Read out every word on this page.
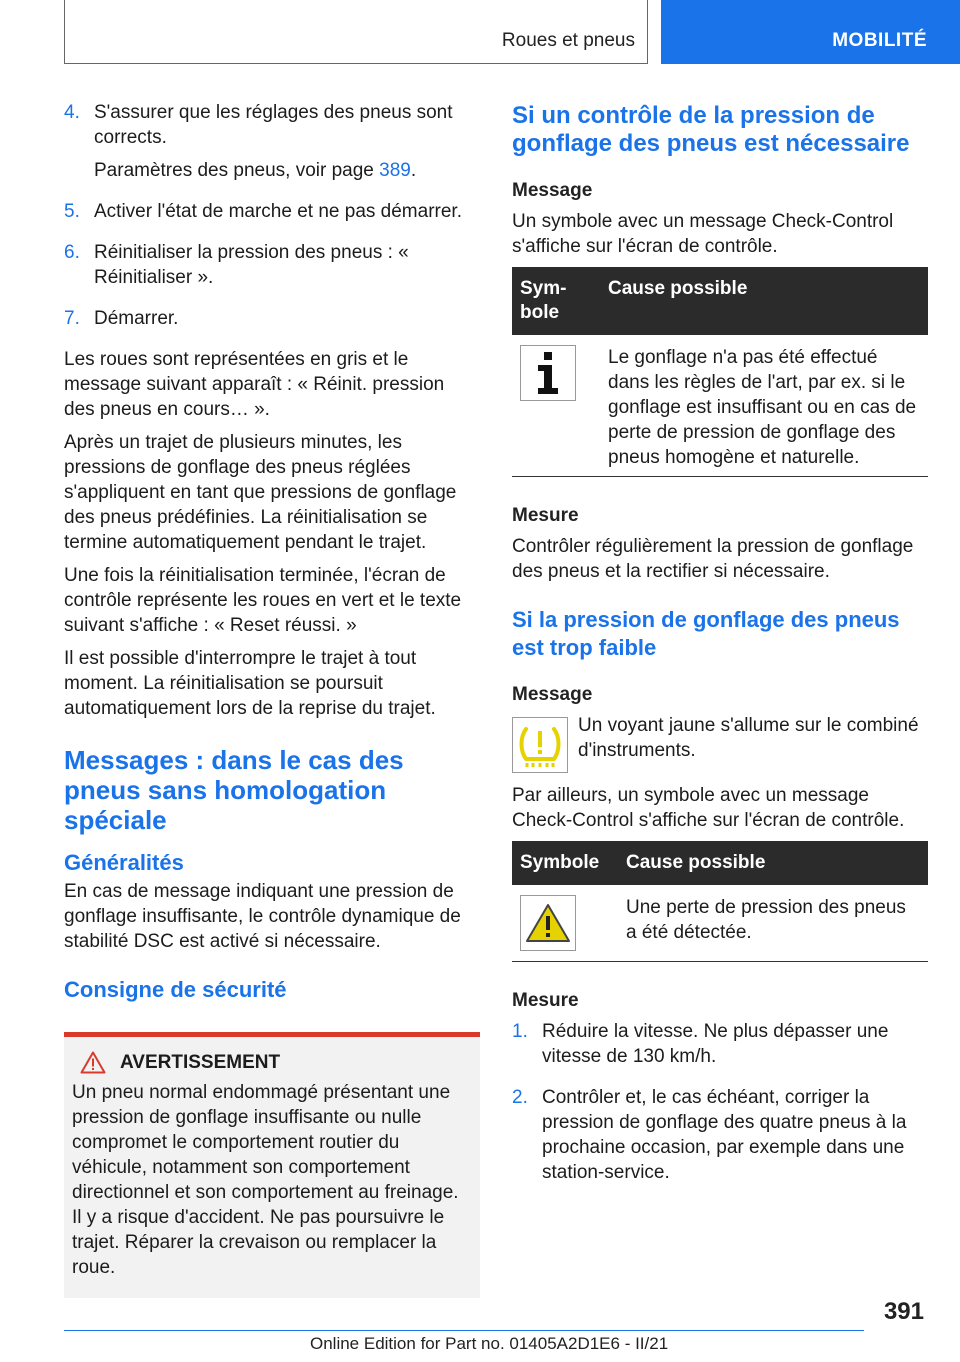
Roues et pneus	MOBILITÉ
4. S'assurer que les réglages des pneus sont corrects.

Paramètres des pneus, voir page 389.

5. Activer l'état de marche et ne pas démarrer.

6. Réinitialiser la pression des pneus : « Réinitialiser ».

7. Démarrer.

Les roues sont représentées en gris et le message suivant apparaît : « Réinit. pression des pneus en cours… ».

Après un trajet de plusieurs minutes, les pressions de gonflage des pneus réglées s'appliquent en tant que pressions de gonflage des pneus prédéfinies. La réinitialisation se termine automatiquement pendant le trajet.

Une fois la réinitialisation terminée, l'écran de contrôle représente les roues en vert et le texte suivant s'affiche : « Reset réussi. »

Il est possible d'interrompre le trajet à tout moment. La réinitialisation se poursuit automatiquement lors de la reprise du trajet.

Messages : dans le cas des pneus sans homologation spéciale
Généralités

En cas de message indiquant une pression de gonflage insuffisante, le contrôle dynamique de stabilité DSC est activé si nécessaire.

Consigne de sécurité
AVERTISSEMENT

Un pneu normal endommagé présentant une pression de gonflage insuffisante ou nulle compromet le comportement routier du véhicule, notamment son comportement directionnel et son comportement au freinage. Il y a risque d'accident. Ne pas poursuivre le trajet. Réparer la crevaison ou remplacer la roue.

Si un contrôle de la pression de gonflage des pneus est nécessaire
Message

Un symbole avec un message Check-Control s'affiche sur l'écran de contrôle.

Sym-bole	Cause possible

	Le gonflage n'a pas été effectué dans les règles de l'art, par ex. si le gonflage est insuffisant ou en cas de perte de pression de gonflage des pneus homogène et naturelle.
Mesure

Contrôler régulièrement la pression de gonflage des pneus et la rectifier si nécessaire.

Si la pression de gonflage des pneus est trop faible
Message

Un voyant jaune s'allume sur le combiné d'instruments.

Par ailleurs, un symbole avec un message Check-Control s'affiche sur l'écran de contrôle.

Symbole	Cause possible

	Une perte de pression des pneus a été détectée.
Mesure
1. Réduire la vitesse. Ne plus dépasser une vitesse de 130 km/h.

2. Contrôler et, le cas échéant, corriger la pression de gonflage des quatre pneus à la prochaine occasion, par exemple dans une station-service.

391
Online Edition for Part no. 01405A2D1E6 - II/21
